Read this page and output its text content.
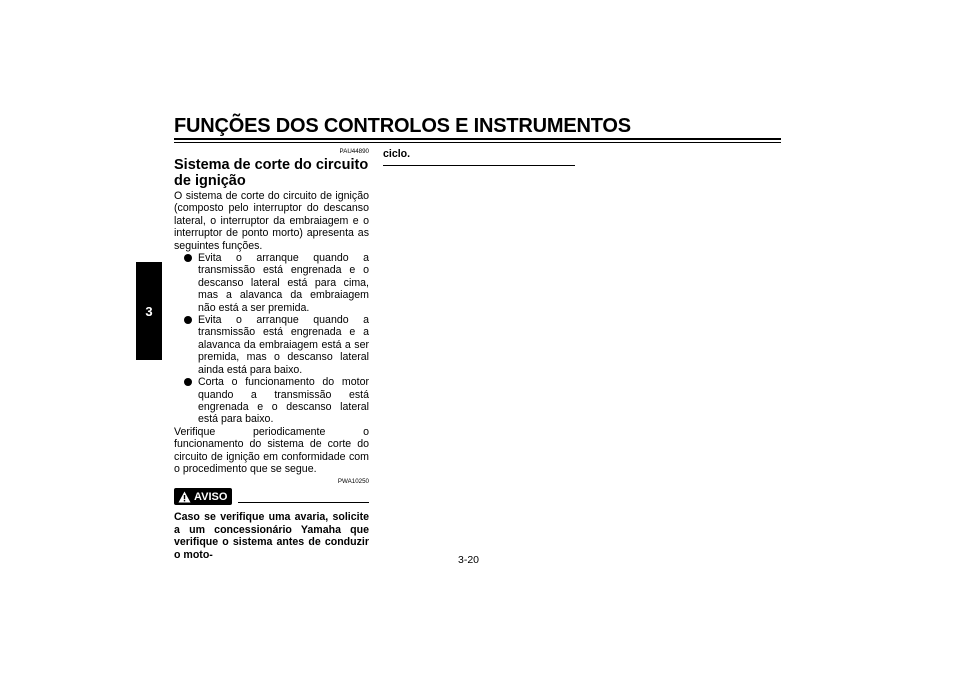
FUNÇÕES DOS CONTROLOS E INSTRUMENTOS
3
PAU44890
Sistema de corte do circuito de ignição
O sistema de corte do circuito de ignição (composto pelo interruptor do descanso lateral, o interruptor da embraiagem e o interruptor de ponto morto) apresenta as seguintes funções.
Evita o arranque quando a transmissão está engrenada e o descanso lateral está para cima, mas a alavanca da embraiagem não está a ser premida.
Evita o arranque quando a transmissão está engrenada e a alavanca da embraiagem está a ser premida, mas o descanso lateral ainda está para baixo.
Corta o funcionamento do motor quando a transmissão está engrenada e o descanso lateral está para baixo.
Verifique periodicamente o funcionamento do sistema de corte do circuito de ignição em conformidade com o procedimento que se segue.
PWA10250
AVISO
Caso se verifique uma avaria, solicite a um concessionário Yamaha que verifique o sistema antes de conduzir o moto-
ciclo.
3-20
